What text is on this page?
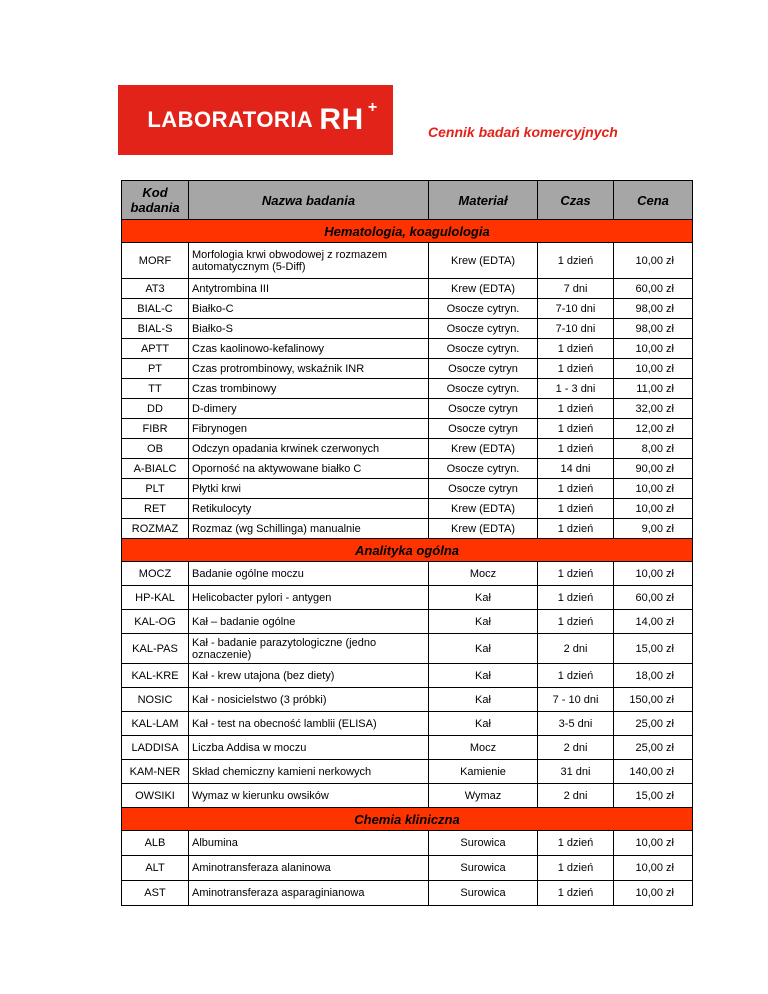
LABORATORIA RH +
Cennik badań komercyjnych
Kod badania	Nazwa badania	Materiał	Czas	Cena
Hematologia, koagulologia				
MORF	Morfologia krwi obwodowej z rozmazem automatycznym (5-Diff)	Krew (EDTA)	1 dzień	10,00 zł
AT3	Antytrombina III	Krew (EDTA)	7 dni	60,00 zł
BIAL-C	Białko-C	Osocze cytryn.	7-10 dni	98,00 zł
BIAL-S	Białko-S	Osocze cytryn.	7-10 dni	98,00 zł
APTT	Czas kaolinowo-kefalinowy	Osocze cytryn.	1 dzień	10,00 zł
PT	Czas protrombinowy, wskaźnik INR	Osocze cytryn	1 dzień	10,00 zł
TT	Czas trombinowy	Osocze cytryn.	1 - 3 dni	11,00 zł
DD	D-dimery	Osocze cytryn	1 dzień	32,00 zł
FIBR	Fibrynogen	Osocze cytryn	1 dzień	12,00 zł
OB	Odczyn opadania krwinek czerwonych	Krew (EDTA)	1 dzień	8,00 zł
A-BIALC	Oporność na aktywowane białko C	Osocze cytryn.	14 dni	90,00 zł
PLT	Płytki krwi	Osocze cytryn	1 dzień	10,00 zł
RET	Retikulocyty	Krew (EDTA)	1 dzień	10,00 zł
ROZMAZ	Rozmaz (wg Schillinga) manualnie	Krew (EDTA)	1 dzień	9,00 zł
Analityka ogólna				
MOCZ	Badanie ogólne moczu	Mocz	1 dzień	10,00 zł
HP-KAL	Helicobacter pylori - antygen	Kał	1 dzień	60,00 zł
KAL-OG	Kał – badanie ogólne	Kał	1 dzień	14,00 zł
KAL-PAS	Kał - badanie parazytologiczne (jedno oznaczenie)	Kał	2 dni	15,00 zł
KAL-KRE	Kał - krew utajona (bez diety)	Kał	1 dzień	18,00 zł
NOSIC	Kał - nosicielstwo (3 próbki)	Kał	7 - 10 dni	150,00 zł
KAL-LAM	Kał - test na obecność lamblii (ELISA)	Kał	3-5 dni	25,00 zł
LADDISA	Liczba Addisa w moczu	Mocz	2 dni	25,00 zł
KAM-NER	Skład chemiczny kamieni nerkowych	Kamienie	31 dni	140,00 zł
OWSIKI	Wymaz w kierunku owsików	Wymaz	2 dni	15,00 zł
Chemia kliniczna				
ALB	Albumina	Surowica	1 dzień	10,00 zł
ALT	Aminotransferaza alaninowa	Surowica	1 dzień	10,00 zł
AST	Aminotransferaza asparaginianowa	Surowica	1 dzień	10,00 zł
